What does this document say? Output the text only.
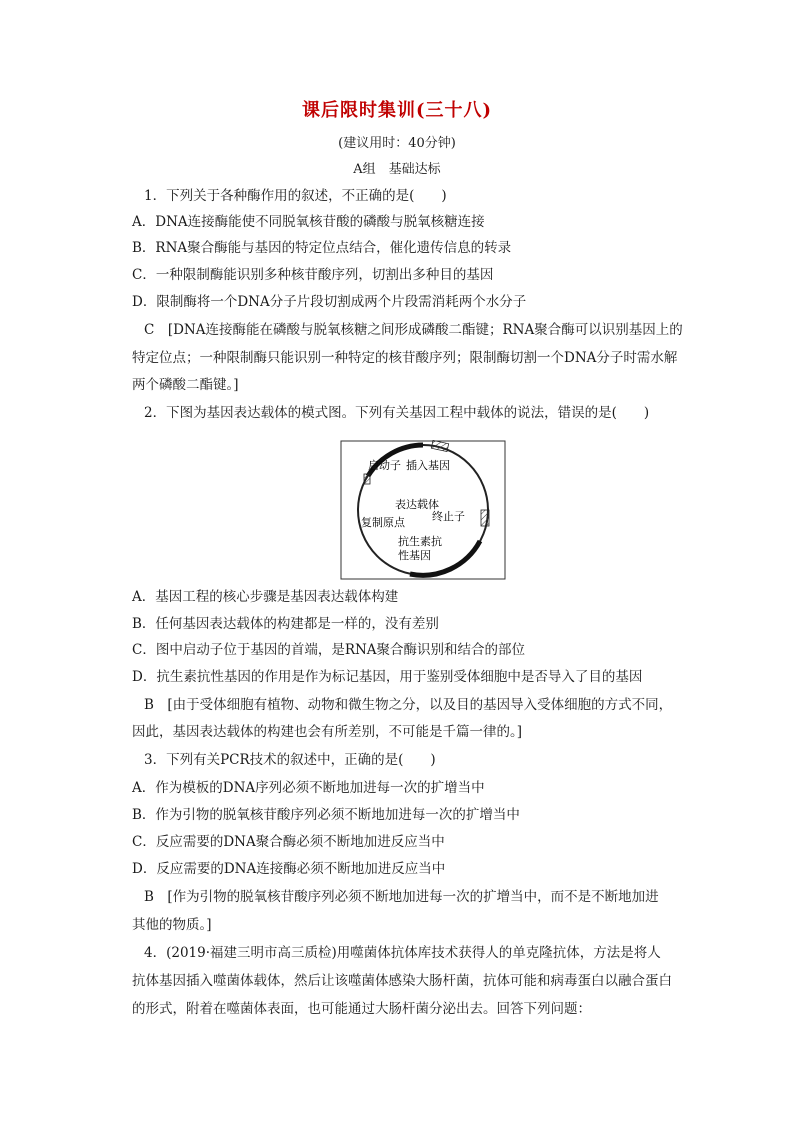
课后限时集训(三十八)
(建议用时：40分钟)
A组　基础达标
1．下列关于各种酶作用的叙述，不正确的是(　　)
A．DNA连接酶能使不同脱氧核苷酸的磷酸与脱氧核糖连接
B．RNA聚合酶能与基因的特定位点结合，催化遗传信息的转录
C．一种限制酶能识别多种核苷酸序列，切割出多种目的基因
D．限制酶将一个DNA分子片段切割成两个片段需消耗两个水分子
C　[DNA连接酶能在磷酸与脱氧核糖之间形成磷酸二酯键；RNA聚合酶可以识别基因上的
特定位点；一种限制酶只能识别一种特定的核苷酸序列；限制酶切割一个DNA分子时需水解
两个磷酸二酯键。]
2．下图为基因表达载体的模式图。下列有关基因工程中载体的说法，错误的是(　　)
启动子 插入基因
表达载体
终止子
复制原点
抗生素抗
性基因
A．基因工程的核心步骤是基因表达载体构建
B．任何基因表达载体的构建都是一样的，没有差别
C．图中启动子位于基因的首端，是RNA聚合酶识别和结合的部位
D．抗生素抗性基因的作用是作为标记基因，用于鉴别受体细胞中是否导入了目的基因
B　[由于受体细胞有植物、动物和微生物之分，以及目的基因导入受体细胞的方式不同，
因此，基因表达载体的构建也会有所差别，不可能是千篇一律的。]
3．下列有关PCR技术的叙述中，正确的是(　　)
A．作为模板的DNA序列必须不断地加进每一次的扩增当中
B．作为引物的脱氧核苷酸序列必须不断地加进每一次的扩增当中
C．反应需要的DNA聚合酶必须不断地加进反应当中
D．反应需要的DNA连接酶必须不断地加进反应当中
B　[作为引物的脱氧核苷酸序列必须不断地加进每一次的扩增当中，而不是不断地加进
其他的物质。]
4．(2019·福建三明市高三质检)用噬菌体抗体库技术获得人的单克隆抗体，方法是将人
抗体基因插入噬菌体载体，然后让该噬菌体感染大肠杆菌，抗体可能和病毒蛋白以融合蛋白
的形式，附着在噬菌体表面，也可能通过大肠杆菌分泌出去。回答下列问题：
